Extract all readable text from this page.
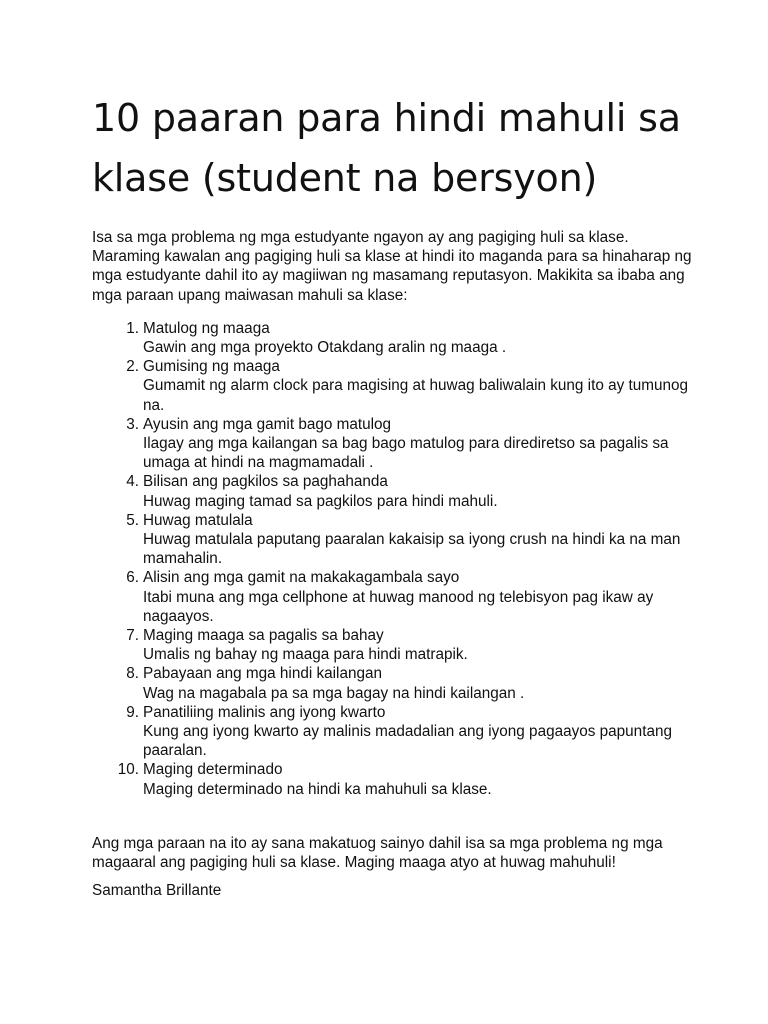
10 paaran para hindi mahuli sa klase (student na bersyon)

Isa sa mga problema ng mga estudyante ngayon ay ang pagiging huli sa klase. Maraming kawalan ang pagiging huli sa klase at hindi ito maganda para sa hinaharap ng mga estudyante dahil ito ay magiiwan ng masamang reputasyon. Makikita sa ibaba ang mga paraan upang maiwasan mahuli sa klase:

1. Matulog ng maaga
Gawin ang mga proyekto Otakdang aralin ng maaga .
2. Gumising ng maaga
Gumamit ng alarm clock para magising at huwag baliwalain kung ito ay tumunog na.
3. Ayusin ang mga gamit bago matulog
Ilagay ang mga kailangan sa bag bago matulog para dirediretso sa pagalis sa umaga at hindi na magmamadali .
4. Bilisan ang pagkilos sa paghahanda
Huwag maging tamad sa pagkilos para hindi mahuli.
5. Huwag matulala
Huwag matulala paputang paaralan kakaisip sa iyong crush na hindi ka na man mamahalin.
6. Alisin ang mga gamit na makakagambala sayo
Itabi muna ang mga cellphone at huwag manood ng telebisyon pag ikaw ay nagaayos.
7. Maging maaga sa pagalis sa bahay
Umalis ng bahay ng maaga para hindi matrapik.
8. Pabayaan ang mga hindi kailangan
Wag na magabala pa sa mga bagay na hindi kailangan .
9. Panatiliing malinis ang iyong kwarto
Kung ang iyong kwarto ay malinis madadalian ang iyong pagaayos papuntang paaralan.
10. Maging determinado
Maging determinado na hindi ka mahuhuli sa klase.

Ang mga paraan na ito ay sana makatuog sainyo dahil isa sa mga problema ng mga magaaral ang pagiging huli sa klase. Maging maaga atyo at huwag mahuhuli!

Samantha Brillante
